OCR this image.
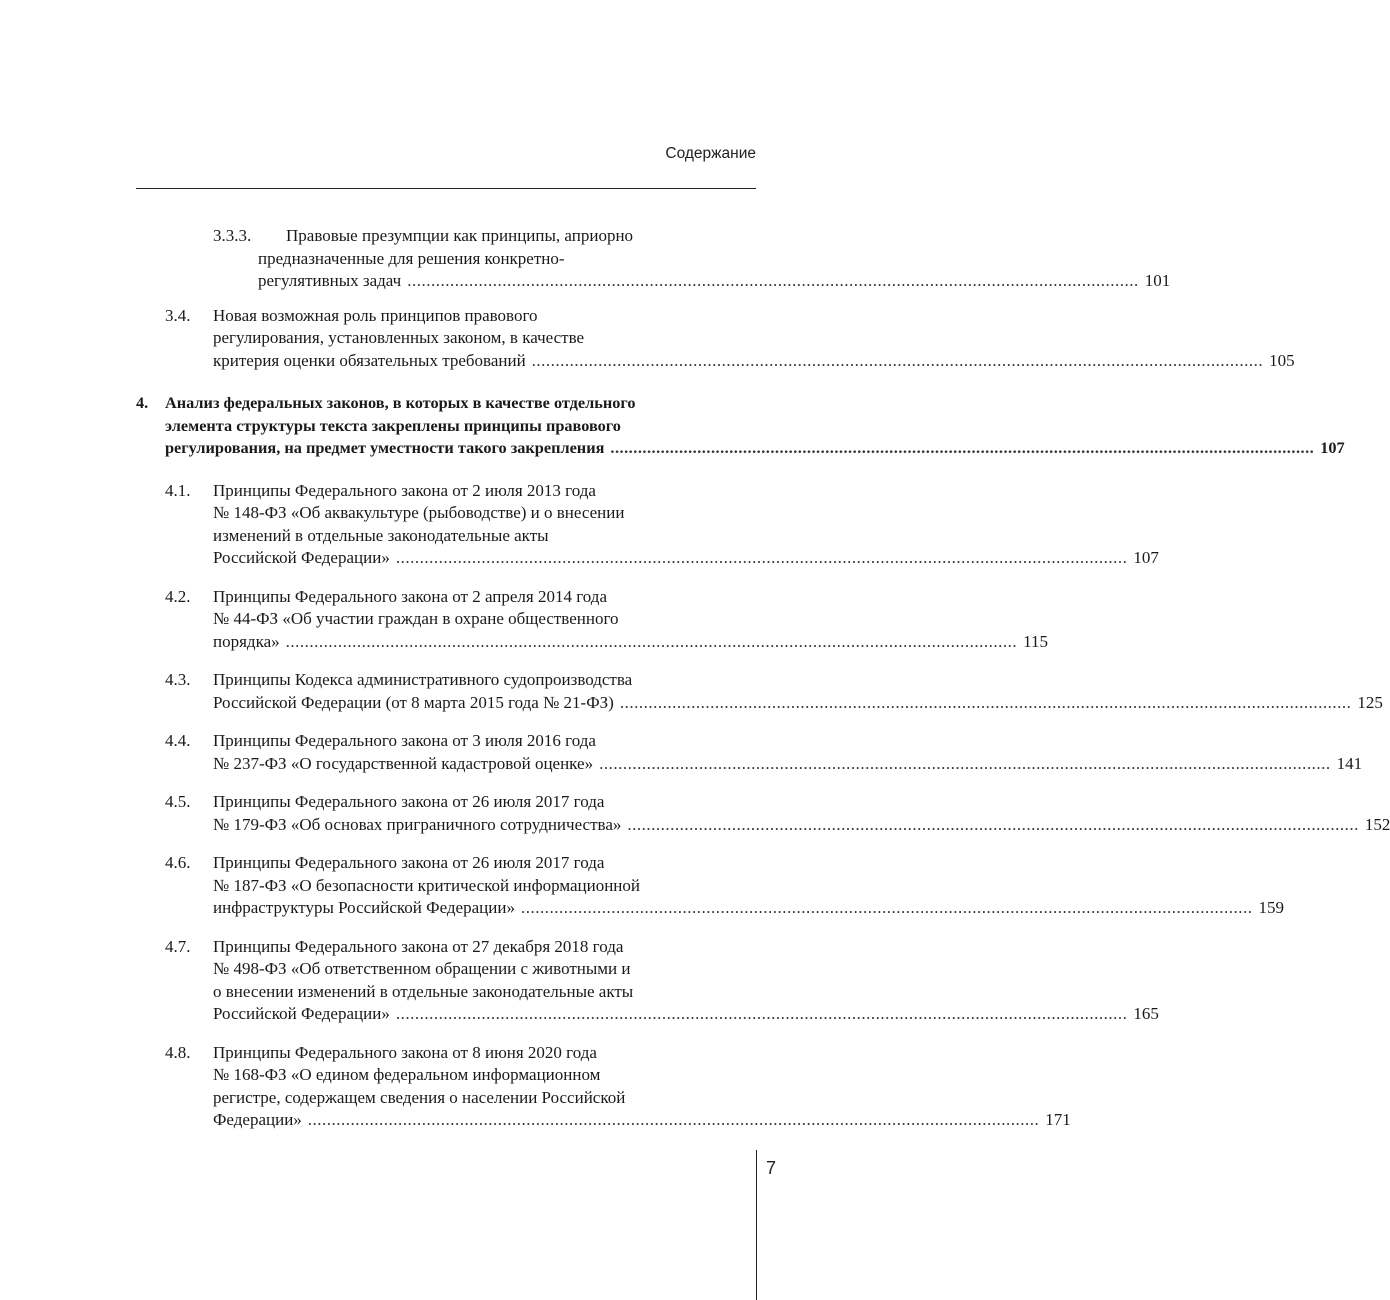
Содержание
3.3.3.	Правовые презумпции как принципы, априорно
предназначенные для решения конкретно-
регулятивных задач .......................................................................................................................................................... 101
3.4.	Новая возможная роль принципов правового
регулирования, установленных законом, в качестве
критерия оценки обязательных требований .......................................................................................................................................................... 105
4.	Анализ федеральных законов, в которых в качестве отдельного
элемента структуры текста закреплены принципы правового
регулирования, на предмет уместности такого закрепления .......................................................................................................................................................... 107
4.1.	Принципы Федерального закона от 2 июля 2013 года
№ 148-ФЗ «Об аквакультуре (рыбоводстве) и о внесении
изменений в отдельные законодательные акты
Российской Федерации» .......................................................................................................................................................... 107
4.2.	Принципы Федерального закона от 2 апреля 2014 года
№ 44-ФЗ «Об участии граждан в охране общественного
порядка» .......................................................................................................................................................... 115
4.3.	Принципы Кодекса административного судопроизводства
Российской Федерации (от 8 марта 2015 года № 21-ФЗ) .......................................................................................................................................................... 125
4.4.	Принципы Федерального закона от 3 июля 2016 года
№ 237-ФЗ «О государственной кадастровой оценке» .......................................................................................................................................................... 141
4.5.	Принципы Федерального закона от 26 июля 2017 года
№ 179-ФЗ «Об основах приграничного сотрудничества» .......................................................................................................................................................... 152
4.6.	Принципы Федерального закона от 26 июля 2017 года
№ 187-ФЗ «О безопасности критической информационной
инфраструктуры Российской Федерации» .......................................................................................................................................................... 159
4.7.	Принципы Федерального закона от 27 декабря 2018 года
№ 498-ФЗ «Об ответственном обращении с животными и
о внесении изменений в отдельные законодательные акты
Российской Федерации» .......................................................................................................................................................... 165
4.8.	Принципы Федерального закона от 8 июня 2020 года
№ 168-ФЗ «О едином федеральном информационном
регистре, содержащем сведения о населении Российской
Федерации» .......................................................................................................................................................... 171
7
